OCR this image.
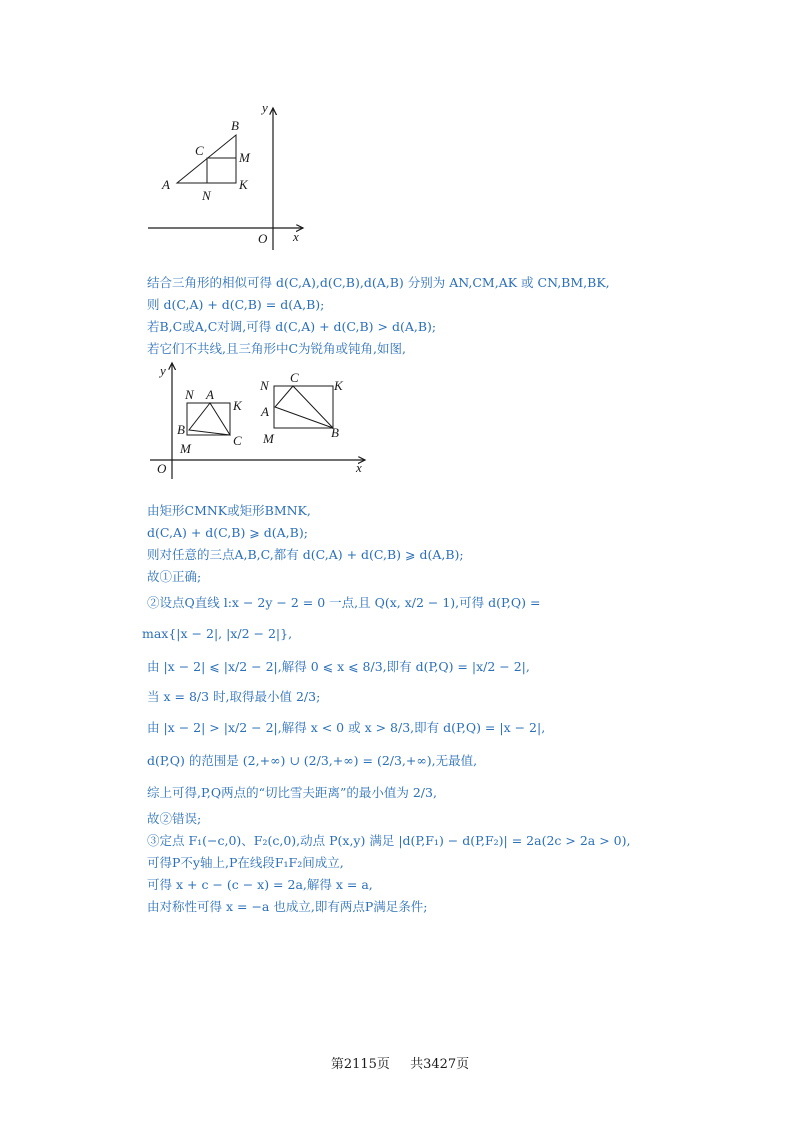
B
y
C	M
A	K
N
O x
结合三角形的相似可得 d(C,A),d(C,B),d(A,B) 分别为 AN,CM,AK 或 CN,BM,BK,
则 d(C,A) + d(C,B) = d(A,B);
若B,C或A,C对调,可得 d(C,A) + d(C,B) > d(A,B);
若它们不共线,且三角形中C为锐角或钝角,如图,
y
N A
K
B
C
M
N
C
K
A
M	B
O	x
由矩形CMNK或矩形BMNK,
d(C,A) + d(C,B) ⩾ d(A,B);
则对任意的三点A,B,C,都有 d(C,A) + d(C,B) ⩾ d(A,B);
故①正确;
②设点Q直线 l:x − 2y − 2 = 0 一点,且 Q(x, x/2 − 1),可得 d(P,Q) =
max{|x − 2|, |x/2 − 2|},
由 |x − 2| ⩽ |x/2 − 2|,解得 0 ⩽ x ⩽ 8/3,即有 d(P,Q) = |x/2 − 2|,
当 x = 8/3 时,取得最小值 2/3;
由 |x − 2| > |x/2 − 2|,解得 x < 0 或 x > 8/3,即有 d(P,Q) = |x − 2|,
d(P,Q) 的范围是 (2,+∞) ∪ (2/3,+∞) = (2/3,+∞),无最值,
综上可得,P,Q两点的“切比雪夫距离”的最小值为 2/3,
故②错误;
③定点 F₁(−c,0)、F₂(c,0),动点 P(x,y) 满足 |d(P,F₁) − d(P,F₂)| = 2a(2c > 2a > 0),
可得P不y轴上,P在线段F₁F₂间成立,
可得 x + c − (c − x) = 2a,解得 x = a,
由对称性可得 x = −a 也成立,即有两点P满足条件;
第2115页 共3427页
